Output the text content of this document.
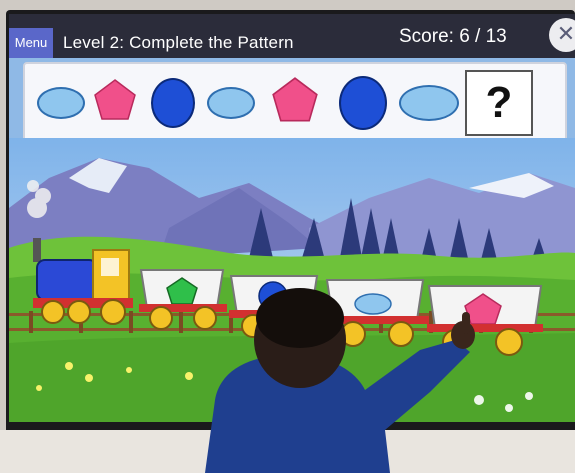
Menu Level 2: Complete the Pattern	Score: 6 / 13	✕
?
